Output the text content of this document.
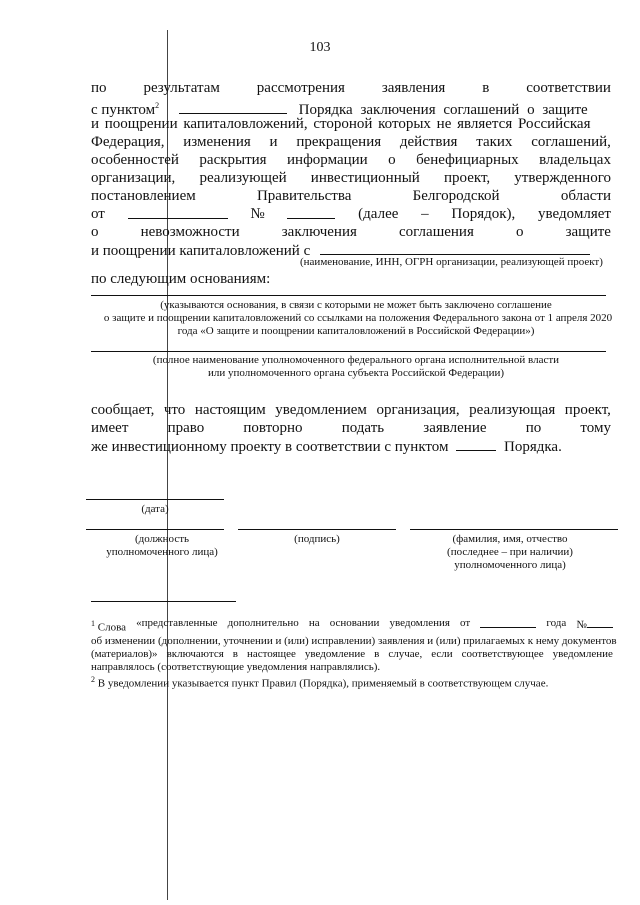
103
по результатам рассмотрения заявления в соответствии
с пунктом$^2$	Порядка заключения соглашений о защите
и поощрении капиталовложений, стороной которых не является Российская
Федерация, изменения и прекращения действия таких соглашений,
особенностей раскрытия информации о бенефициарных владельцах
организации, реализующей инвестиционный проект, утвержденного
постановлением	Правительства	Белгородской	области
от	№	(далее – Порядок), уведомляет
о	невозможности	заключения	соглашения	о	защите
и поощрении капиталовложений с
(наименование, ИНН, ОГРН организации, реализующей проект)
по следующим основаниям:
(указываются основания, в связи с которыми не может быть заключено соглашение
о защите и поощрении капиталовложений со ссылками на положения Федерального закона от 1 апреля 2020
года «О защите и поощрении капиталовложений в Российской Федерации»)
(полное наименование уполномоченного федерального органа исполнительной власти
или уполномоченного органа субъекта Российской Федерации)
сообщает, что настоящим уведомлением организация, реализующая проект,
имеет	право	повторно	подать	заявление	по	тому
же инвестиционному проекту в соответствии с пунктом	Порядка.
(дата)
(должность
уполномоченного лица)
(подпись)	(фамилия, имя, отчество
(последнее – при наличии)
уполномоченного лица)
$^1$ Слова «представленные дополнительно на основании уведомления от	года №
об изменении (дополнении, уточнении и (или) исправлении) заявления и (или) прилагаемых к нему документов
(материалов)» включаются в настоящее уведомление в случае, если соответствующее уведомление
направлялось (соответствующие уведомления направлялись).
$^2$ В уведомлении указывается пункт Правил (Порядка), применяемый в соответствующем случае.
